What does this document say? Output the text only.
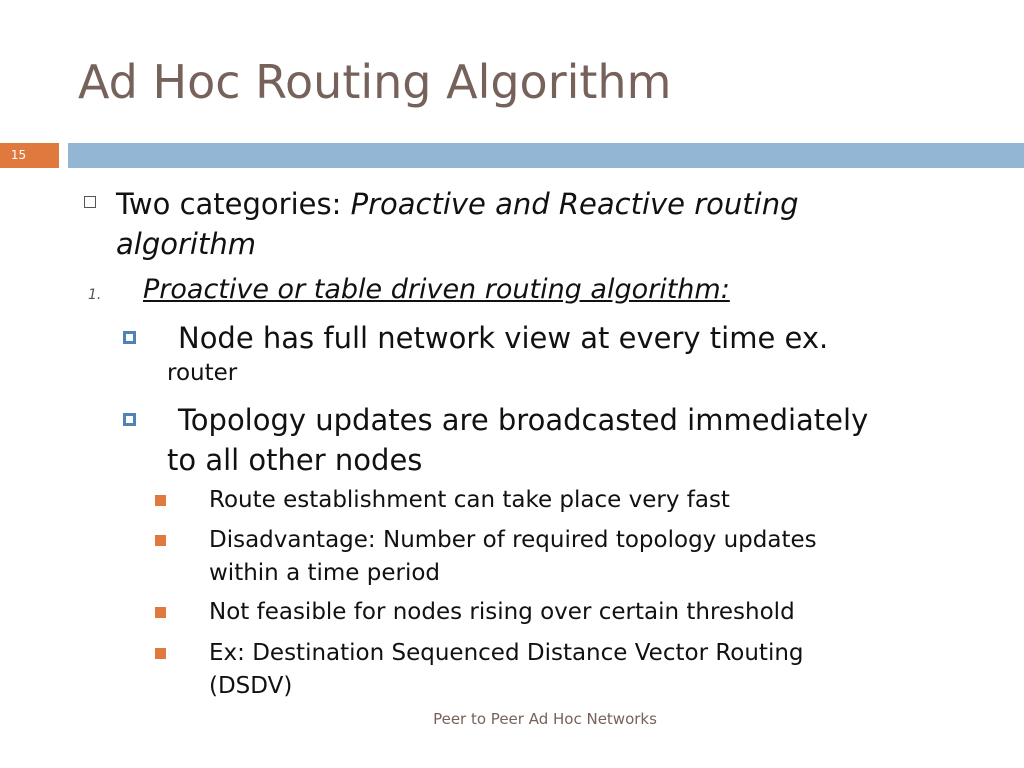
Ad Hoc Routing Algorithm
15
Two categories: Proactive and Reactive routing algorithm
1. Proactive or table driven routing algorithm:
Node has full network view at every time ex.
router
Topology updates are broadcasted immediately
to all other nodes
Route establishment can take place very fast
Disadvantage: Number of required topology updates
within a time period
Not feasible for nodes rising over certain threshold
Ex: Destination Sequenced Distance Vector Routing
(DSDV)
Peer to Peer Ad Hoc Networks
